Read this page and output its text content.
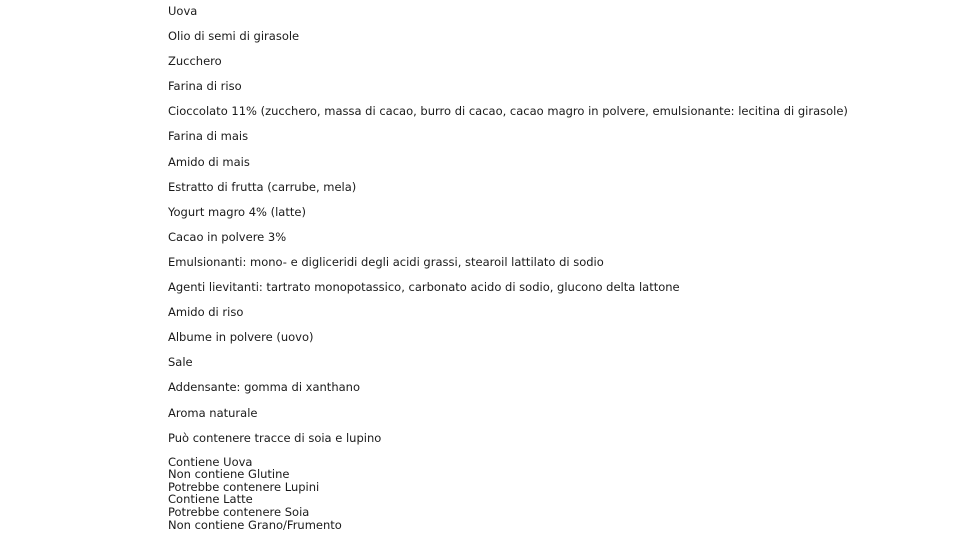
Uova
Olio di semi di girasole
Zucchero
Farina di riso
Cioccolato 11% (zucchero, massa di cacao, burro di cacao, cacao magro in polvere, emulsionante: lecitina di girasole)
Farina di mais
Amido di mais
Estratto di frutta (carrube, mela)
Yogurt magro 4% (latte)
Cacao in polvere 3%
Emulsionanti: mono- e digliceridi degli acidi grassi, stearoil lattilato di sodio
Agenti lievitanti: tartrato monopotassico, carbonato acido di sodio, glucono delta lattone
Amido di riso
Albume in polvere (uovo)
Sale
Addensante: gomma di xanthano
Aroma naturale
Può contenere tracce di soia e lupino
Contiene Uova
Non contiene Glutine
Potrebbe contenere Lupini
Contiene Latte
Potrebbe contenere Soia
Non contiene Grano/Frumento
